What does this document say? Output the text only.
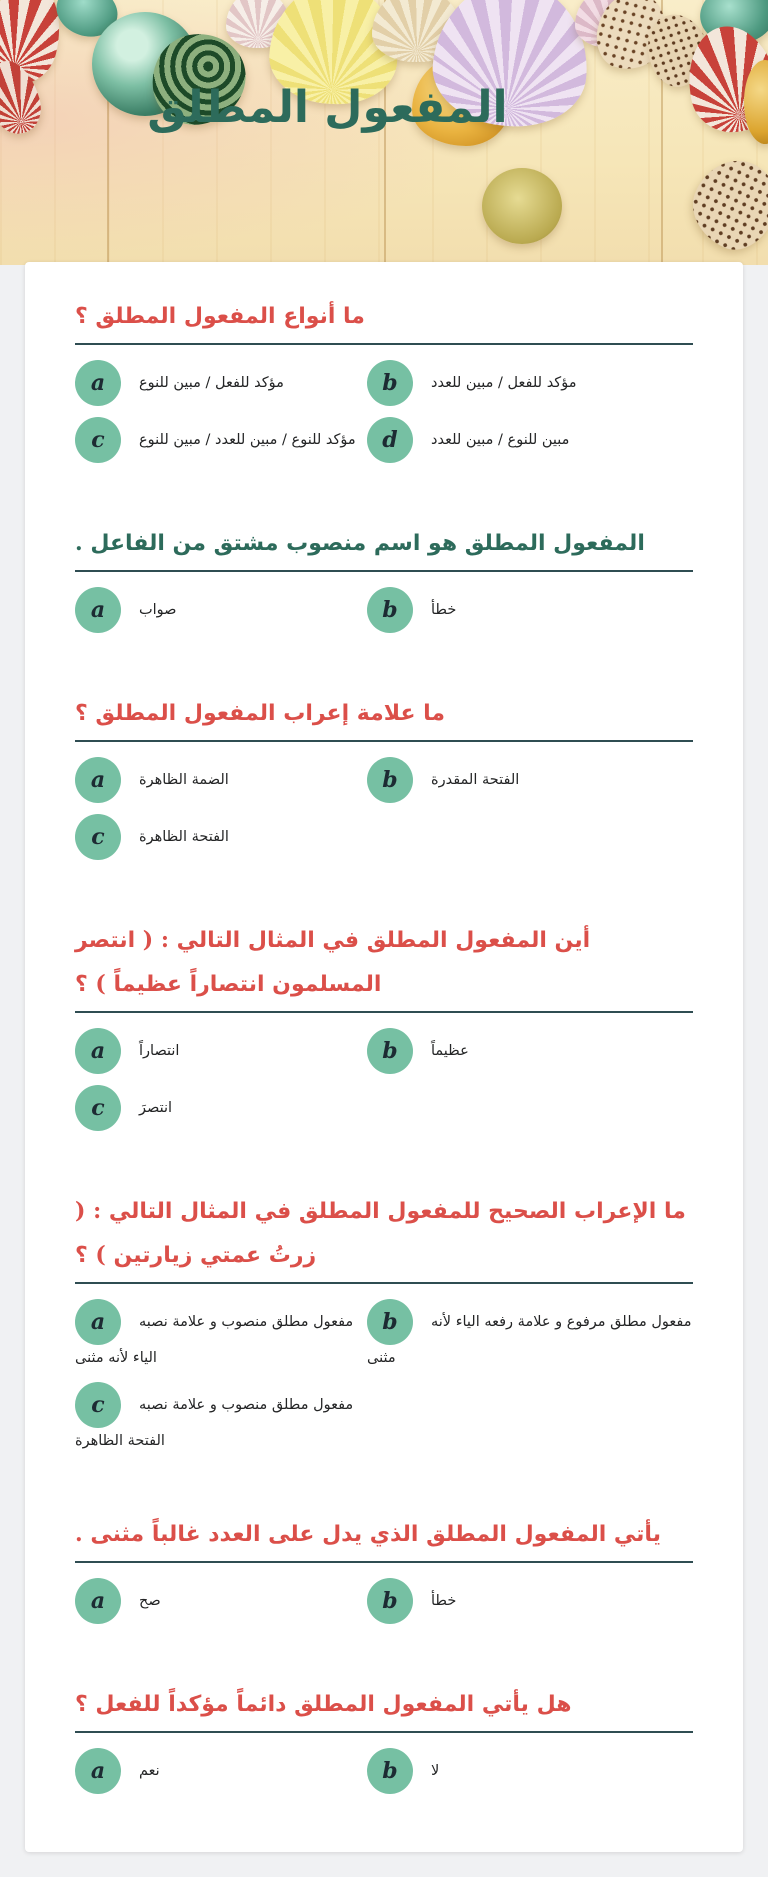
المفعول المطلق
ما أنواع المفعول المطلق ؟
a مؤكد للفعل / مبين للنوع	b مؤكد للفعل / مبين للعدد
c مؤكد للنوع / مبين للعدد / مبين للنوع	d مبين للنوع / مبين للعدد
المفعول المطلق هو اسم منصوب مشتق من الفاعل .
a صواب	b خطأ
ما علامة إعراب المفعول المطلق ؟
a الضمة الظاهرة	b الفتحة المقدرة
c الفتحة الظاهرة
أين المفعول المطلق في المثال التالي : ( انتصر المسلمون انتصاراً عظيماً ) ؟
a انتصاراً	b عظيماً
c انتصرَ
ما الإعراب الصحيح للمفعول المطلق في المثال التالي : ( زرتُ عمتي زيارتين ) ؟
a مفعول مطلق منصوب و علامة نصبه الياء لأنه مثنى
b مفعول مطلق مرفوع و علامة رفعه الياء لأنه مثنى
c مفعول مطلق منصوب و علامة نصبه الفتحة الظاهرة
يأتي المفعول المطلق الذي يدل على العدد غالباً مثنى .
a صح	b خطأ
هل يأتي المفعول المطلق دائماً مؤكداً للفعل ؟
a نعم	b لا
